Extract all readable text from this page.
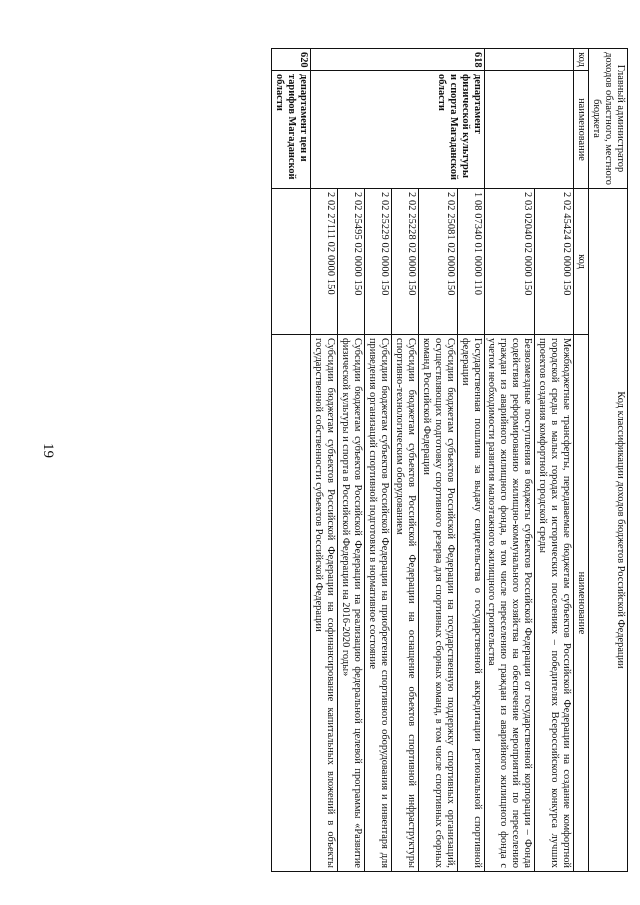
19
Главный администратор доходов областного, местного бюджета		Код классификации доходов бюджетов Российской Федерации	
код	наименование	код	наименование
		2 02 45424 02 0000 150	Межбюджетные трансферты, передаваемые бюджетам субъектов Российской Федерации на создание комфортной городской среды в малых городах и исторических поселениях – победителях Всероссийского конкурса лучших проектов создания комфортной городской среды
		2 03 02040 02 0000 150	Безвозмездные поступления в бюджеты субъектов Российской Федерации от государственной корпорации – Фонда содействия реформированию жилищно-коммунального хозяйства на обеспечение мероприятий по переселению граждан из аварийного жилищного фонда, в том числе переселению граждан из аварийного жилищного фонда с учетом необходимости развития малоэтажного жилищного строительства
618	департамент физической культуры и спорта Магаданской области	1 08 07340 01 0000 110	Государственная пошлина за выдачу свидетельства о государственной аккредитации региональной спортивной федерации
		2 02 25081 02 0000 150	Субсидии бюджетам субъектов Российской Федерации на государственную поддержку спортивных организаций, осуществляющих подготовку спортивного резерва для спортивных сборных команд, в том числе спортивных сборных команд Российской Федерации
		2 02 25228 02 0000 150	Субсидии бюджетам субъектов Российской Федерации на оснащение объектов спортивной инфраструктуры спортивно-технологическим оборудованием
		2 02 25229 02 0000 150	Субсидии бюджетам субъектов Российской Федерации на приобретение спортивного оборудования и инвентаря для приведения организаций спортивной подготовки в нормативное состояние
		2 02 25495 02 0000 150	Субсидии бюджетам субъектов Российской Федерации на реализацию федеральной целевой программы «Развитие физической культуры и спорта в Российской Федерации на 2016-2020 годы»
		2 02 27111 02 0000 150	Субсидии бюджетам субъектов Российской Федерации на софинансирование капитальных вложений в объекты государственной собственности субъектов Российской Федерации
620	департамент цен и тарифов Магаданской области		
